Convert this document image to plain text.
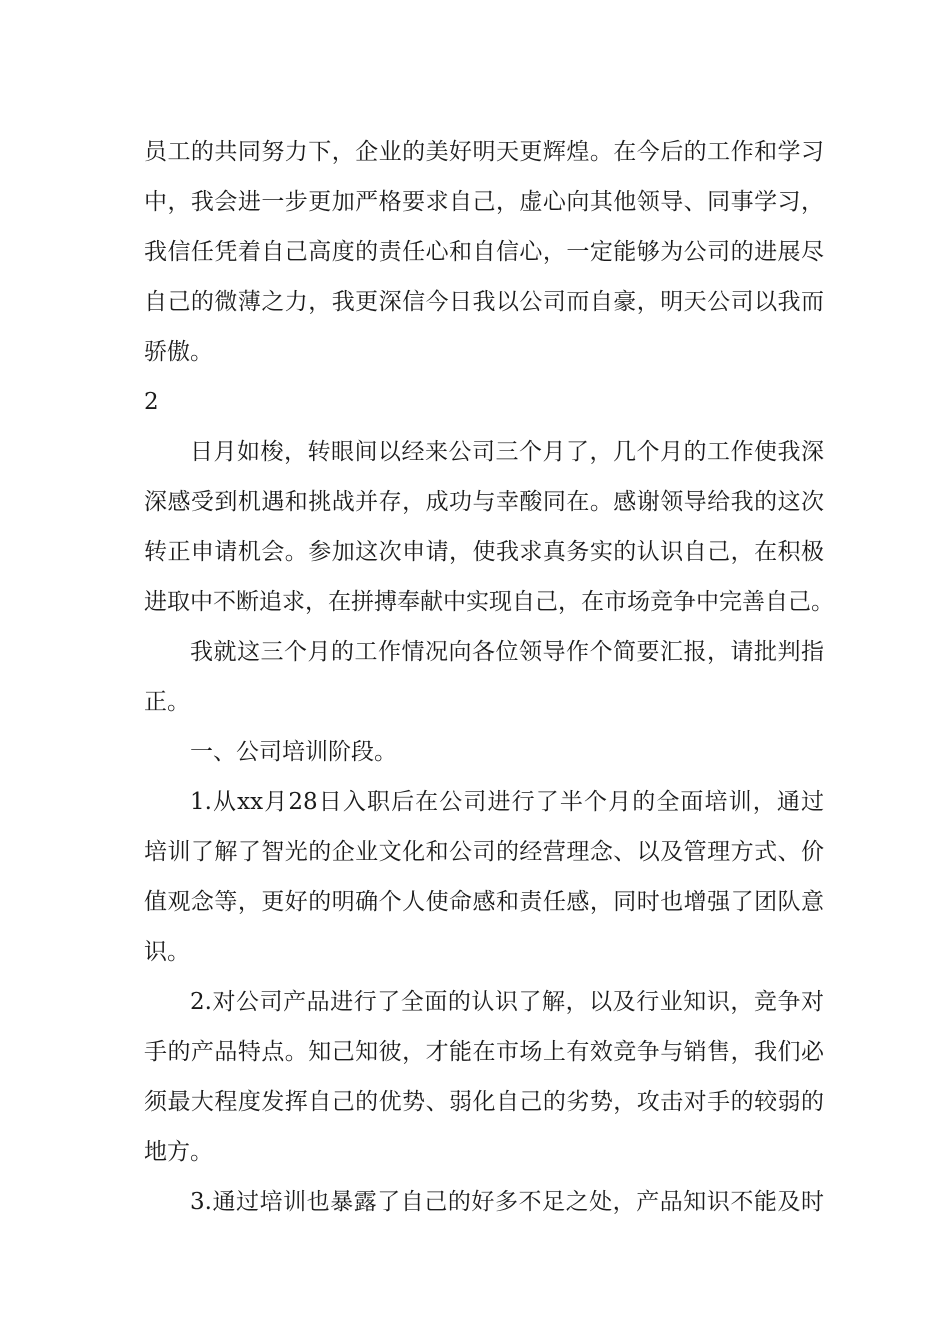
员工的共同努力下，企业的美好明天更辉煌。在今后的工作和学习
中，我会进一步更加严格要求自己，虚心向其他领导、同事学习，
我信任凭着自己高度的责任心和自信心，一定能够为公司的进展尽
自己的微薄之力，我更深信今日我以公司而自豪，明天公司以我而
骄傲。
2
日月如梭，转眼间以经来公司三个月了，几个月的工作使我深
深感受到机遇和挑战并存，成功与幸酸同在。感谢领导给我的这次
转正申请机会。参加这次申请，使我求真务实的认识自己，在积极
进取中不断追求，在拼搏奉献中实现自己，在市场竞争中完善自己。
我就这三个月的工作情况向各位领导作个简要汇报，请批判指
正。
一、公司培训阶段。
1.从xx月28日入职后在公司进行了半个月的全面培训，通过
培训了解了智光的企业文化和公司的经营理念、以及管理方式、价
值观念等，更好的明确个人使命感和责任感，同时也增强了团队意
识。
2.对公司产品进行了全面的认识了解，以及行业知识，竞争对
手的产品特点。知己知彼，才能在市场上有效竞争与销售，我们必
须最大程度发挥自己的优势、弱化自己的劣势，攻击对手的较弱的
地方。
3.通过培训也暴露了自己的好多不足之处，产品知识不能及时
